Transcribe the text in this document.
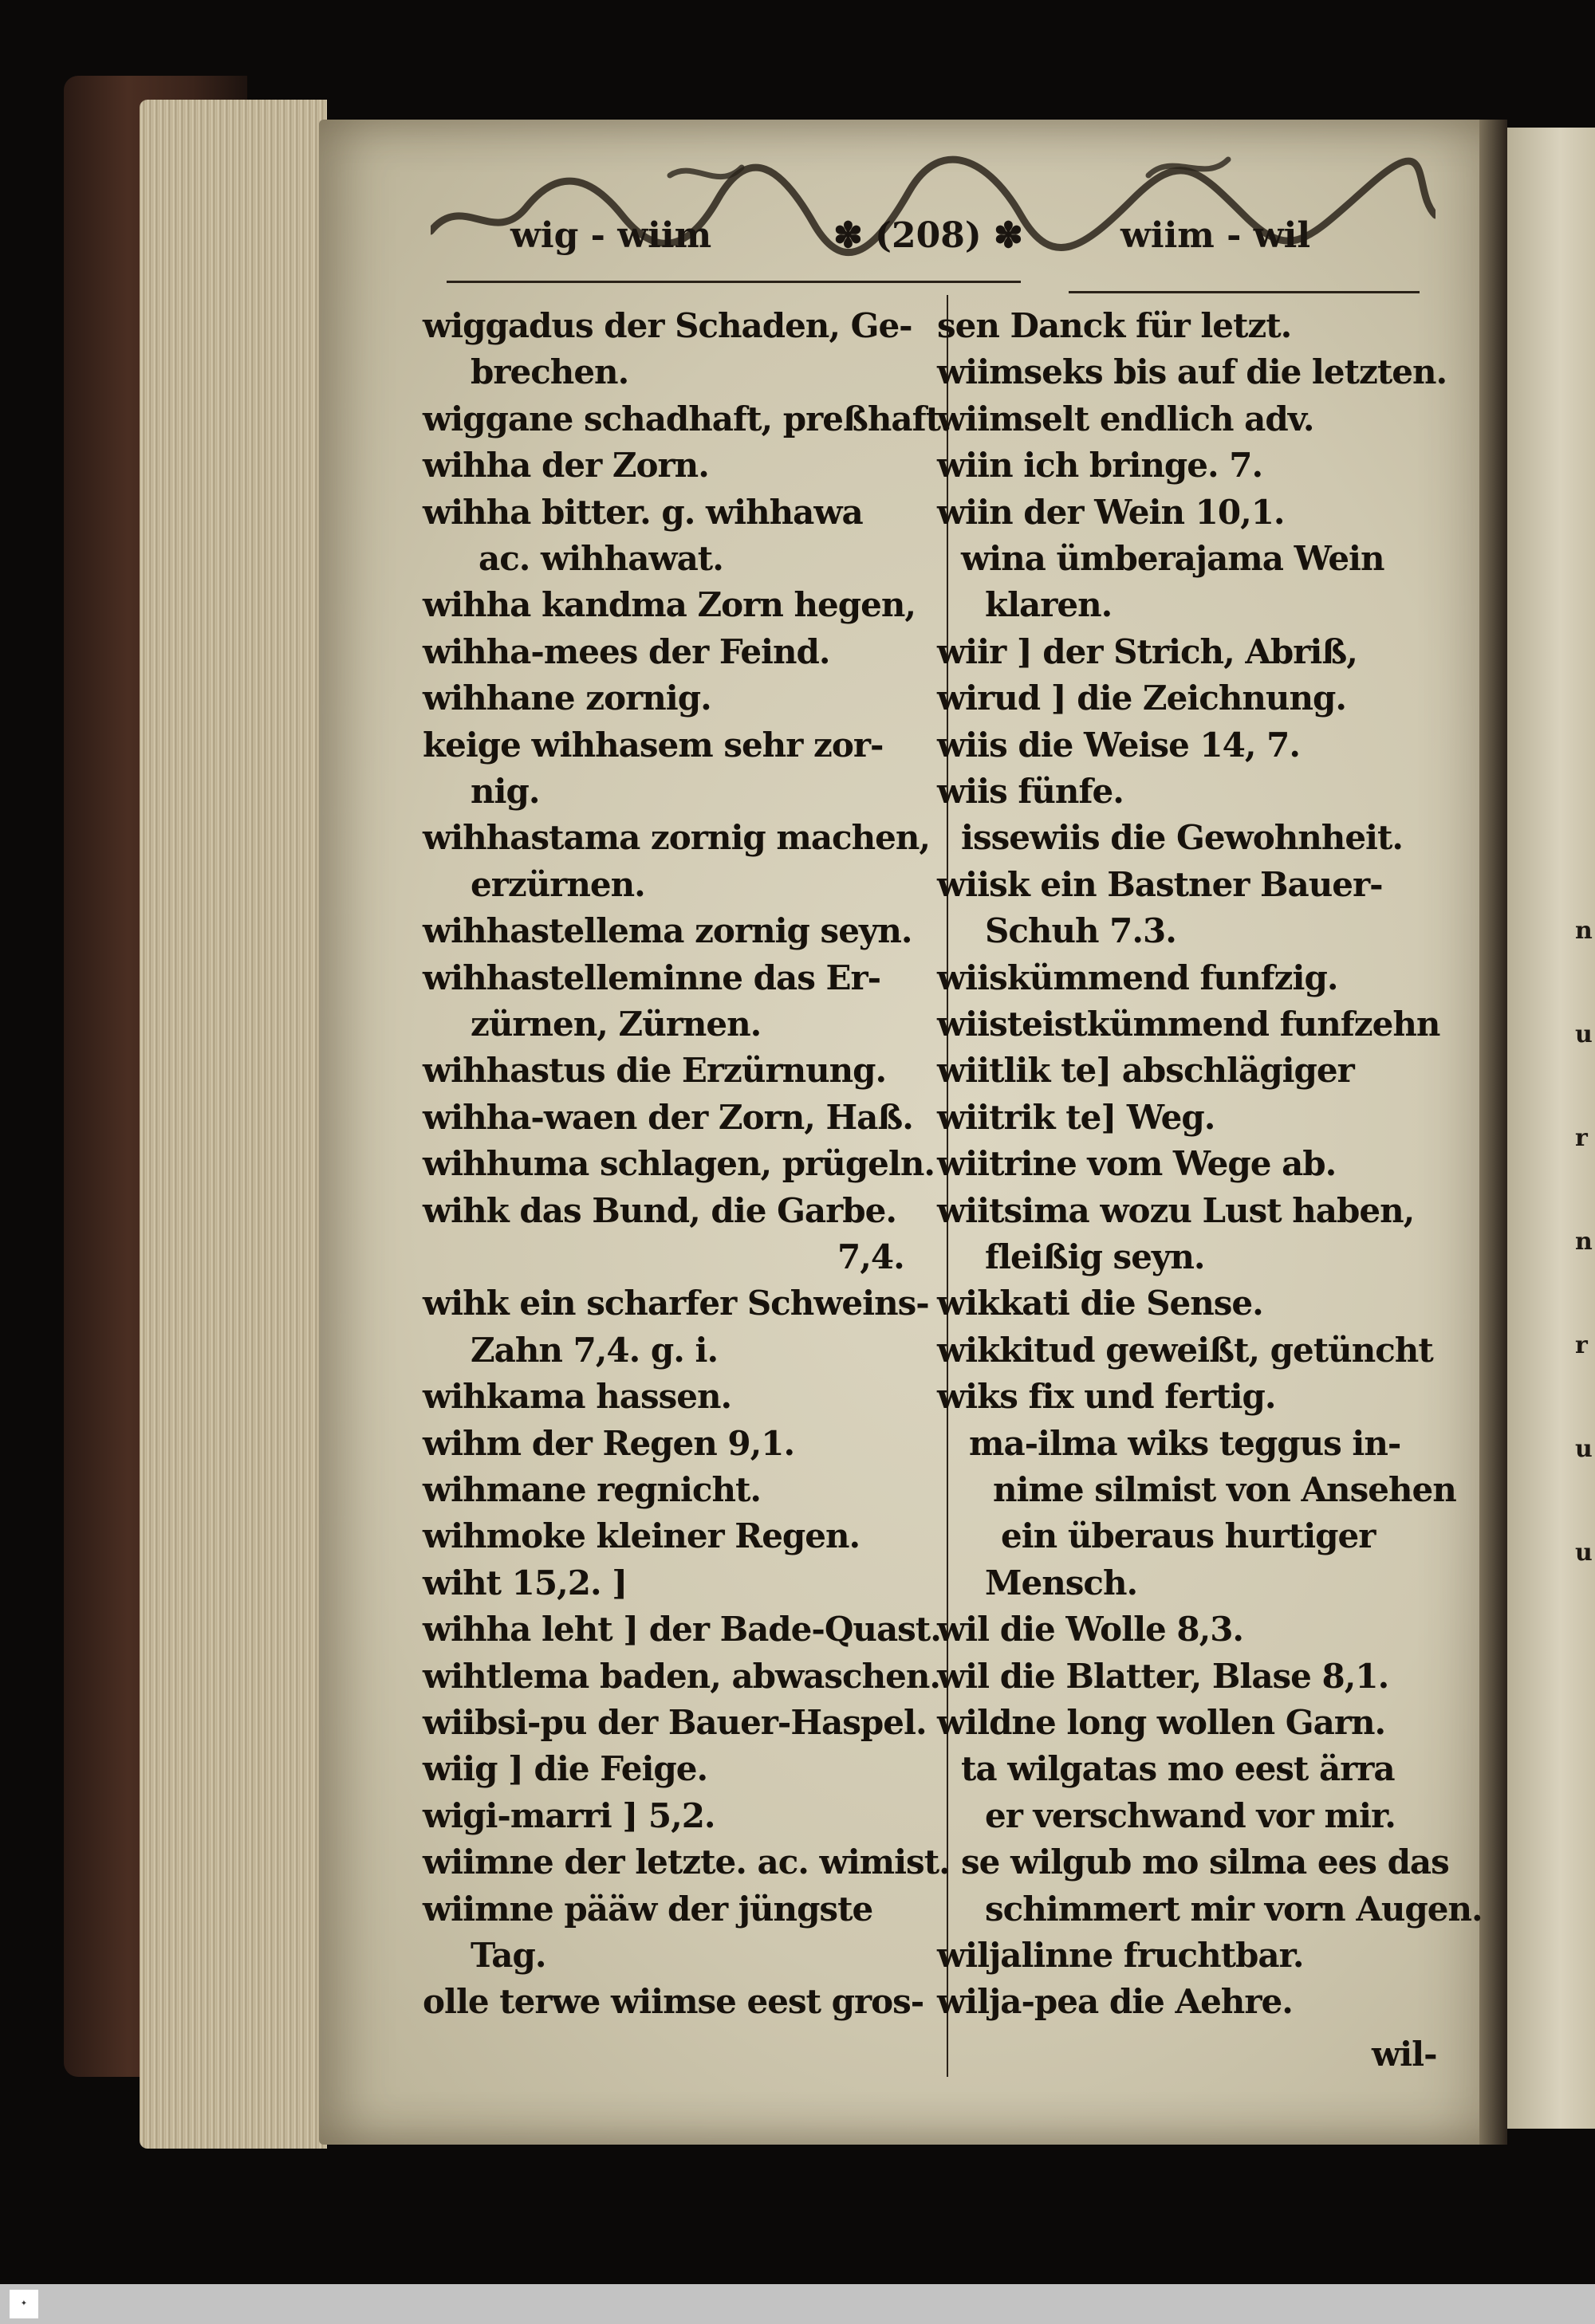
wig - wiim	✽ (208) ✽	wiim - wil
wiggadus der Schaden, Ge-
brechen.
wiggane schadhaft, preßhaft.
wihha der Zorn.
wihha bitter. g. wihhawa
ac. wihhawat.
wihha kandma Zorn hegen,
wihha-mees der Feind.
wihhane zornig.
keige wihhasem sehr zor-
nig.
wihhastama zornig machen,
erzürnen.
wihhastellema zornig seyn.
wihhastelleminne das Er-
zürnen, Zürnen.
wihhastus die Erzürnung.
wihha-waen der Zorn, Haß.
wihhuma schlagen, prügeln.
wihk das Bund, die Garbe.
7,4.
wihk ein scharfer Schweins-
Zahn 7,4. g. i.
wihkama hassen.
wihm der Regen 9,1.
wihmane regnicht.
wihmoke kleiner Regen.
wiht 15,2. ]
wihha leht ] der Bade-Quast.
wihtlema baden, abwaschen.
wiibsi-pu der Bauer-Haspel.
wiig ] die Feige.
wigi-marri ] 5,2.
wiimne der letzte. ac. wimist.
wiimne pääw der jüngste
Tag.
olle terwe wiimse eest gros-
sen Danck für letzt.
wiimseks bis auf die letzten.
wiimselt endlich adv.
wiin ich bringe. 7.
wiin der Wein 10,1.
wina ümberajama Wein
klaren.
wiir ] der Strich, Abriß,
wirud ] die Zeichnung.
wiis die Weise 14, 7.
wiis fünfe.
issewiis die Gewohnheit.
wiisk ein Bastner Bauer-
Schuh 7.3.
wiiskümmend funfzig.
wiisteistkümmend funfzehn
wiitlik te] abschlägiger
wiitrik te] Weg.
wiitrine vom Wege ab.
wiitsima wozu Lust haben,
fleißig seyn.
wikkati die Sense.
wikkitud geweißt, getüncht
wiks fix und fertig.
ma-ilma wiks teggus in-
nime silmist von Ansehen
ein überaus hurtiger
Mensch.
wil die Wolle 8,3.
wil die Blatter, Blase 8,1.
wildne long wollen Garn.
ta wilgatas mo eest ärra
er verschwand vor mir.
se wilgub mo silma ees das
schimmert mir vorn Augen.
wiljalinne fruchtbar.
wilja-pea die Aehre.
wil-
n
u
r
n
r
u
u
✦
